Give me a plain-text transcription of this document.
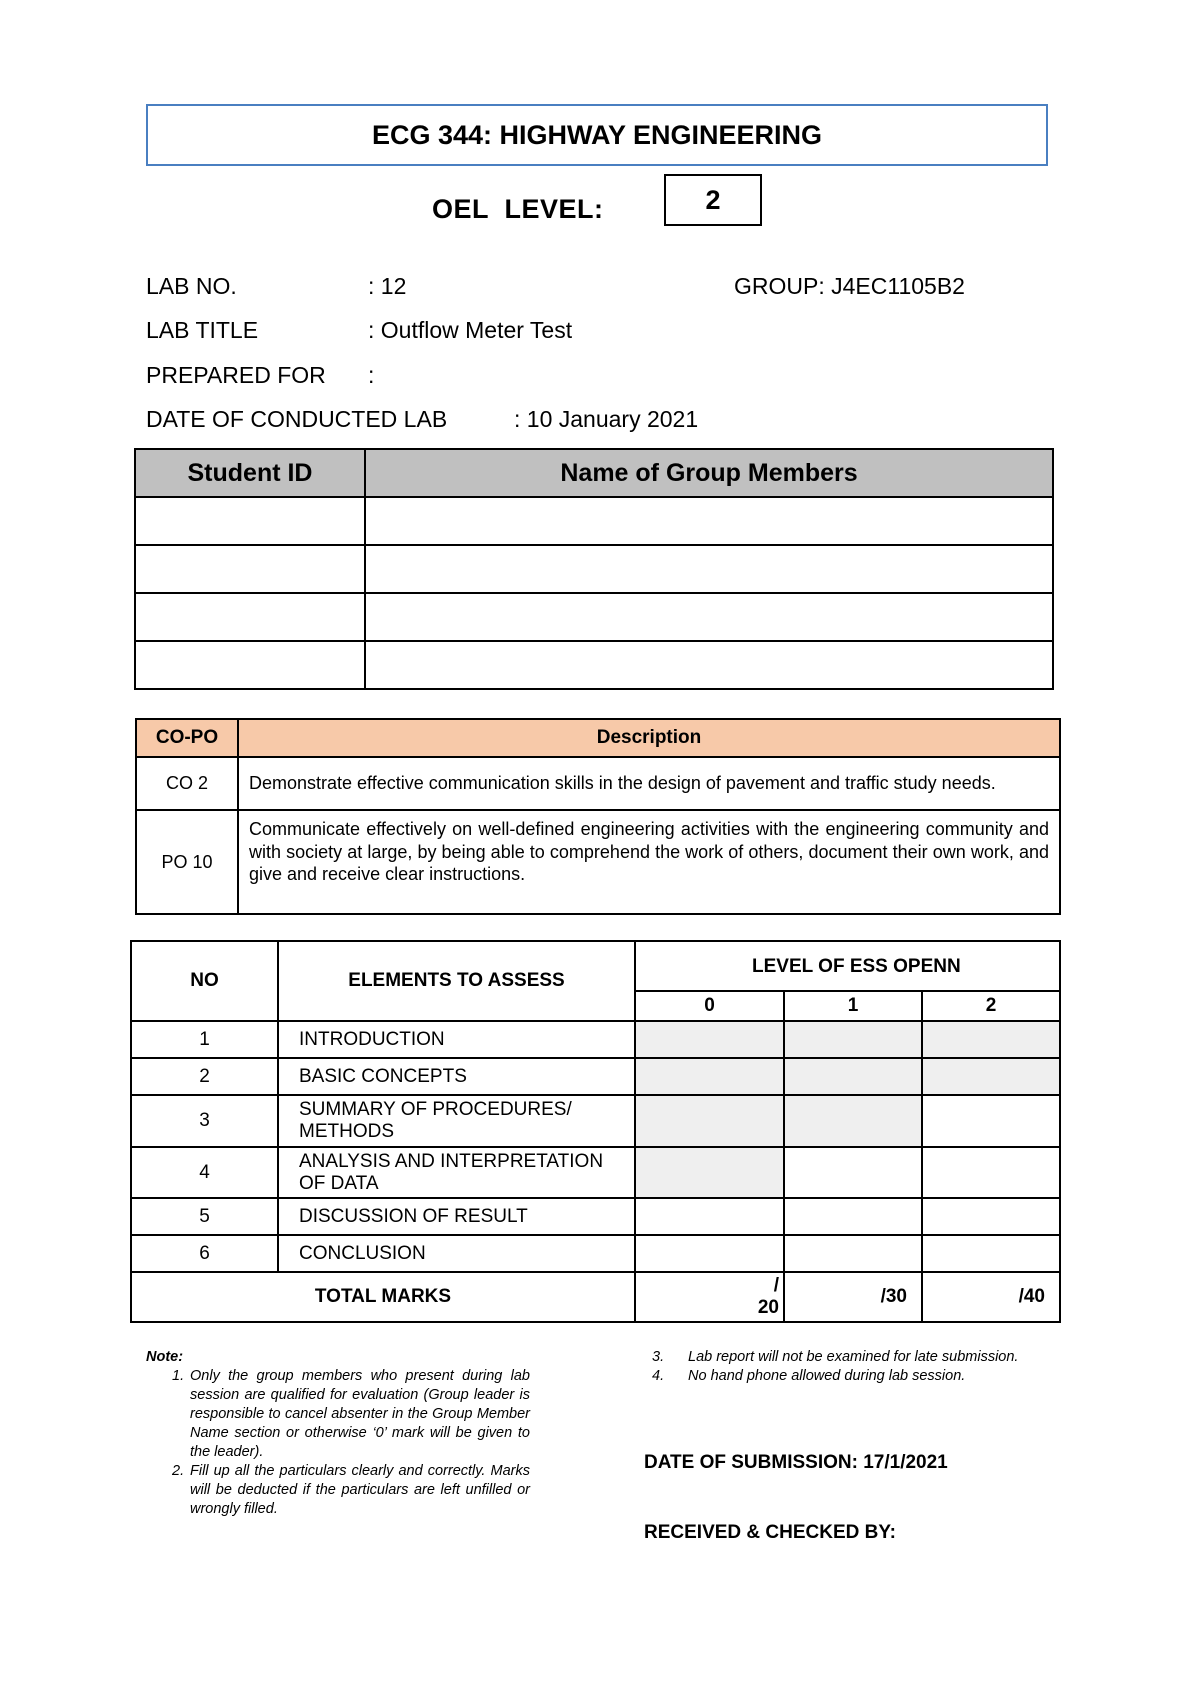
ECG 344: HIGHWAY ENGINEERING
OEL  LEVEL:	2
LAB NO.	: 12	GROUP: J4EC1105B2
LAB TITLE	: Outflow Meter Test
PREPARED FOR :
DATE OF CONDUCTED LAB	: 10 January 2021
Student ID	Name of Group Members

CO-PO	Description
CO 2	Demonstrate effective communication skills in the design of pavement and traffic study needs.
PO 10	Communicate effectively on well-defined engineering activities with the engineering community and with society at large, by being able to comprehend the work of others, document their own work, and give and receive clear instructions.
NO	ELEMENTS TO ASSESS	LEVEL OF ESS OPENN		
		0	1	2
1	INTRODUCTION			
2	BASIC CONCEPTS			
3	SUMMARY OF PROCEDURES/ METHODS			
4	ANALYSIS AND INTERPRETATION OF DATA			
5	DISCUSSION OF RESULT			
6	CONCLUSION			
TOTAL MARKS		/ 20	/30	/40
Note:
1. Only the group members who present during lab session are qualified for evaluation (Group leader is responsible to cancel absenter in the Group Member Name section or otherwise ‘0’ mark will be given to the leader).
2. Fill up all the particulars clearly and correctly. Marks will be deducted if the particulars are left unfilled or wrongly filled.
3. Lab report will not be examined for late submission.
4. No hand phone allowed during lab session.
DATE OF SUBMISSION: 17/1/2021
RECEIVED & CHECKED BY:
